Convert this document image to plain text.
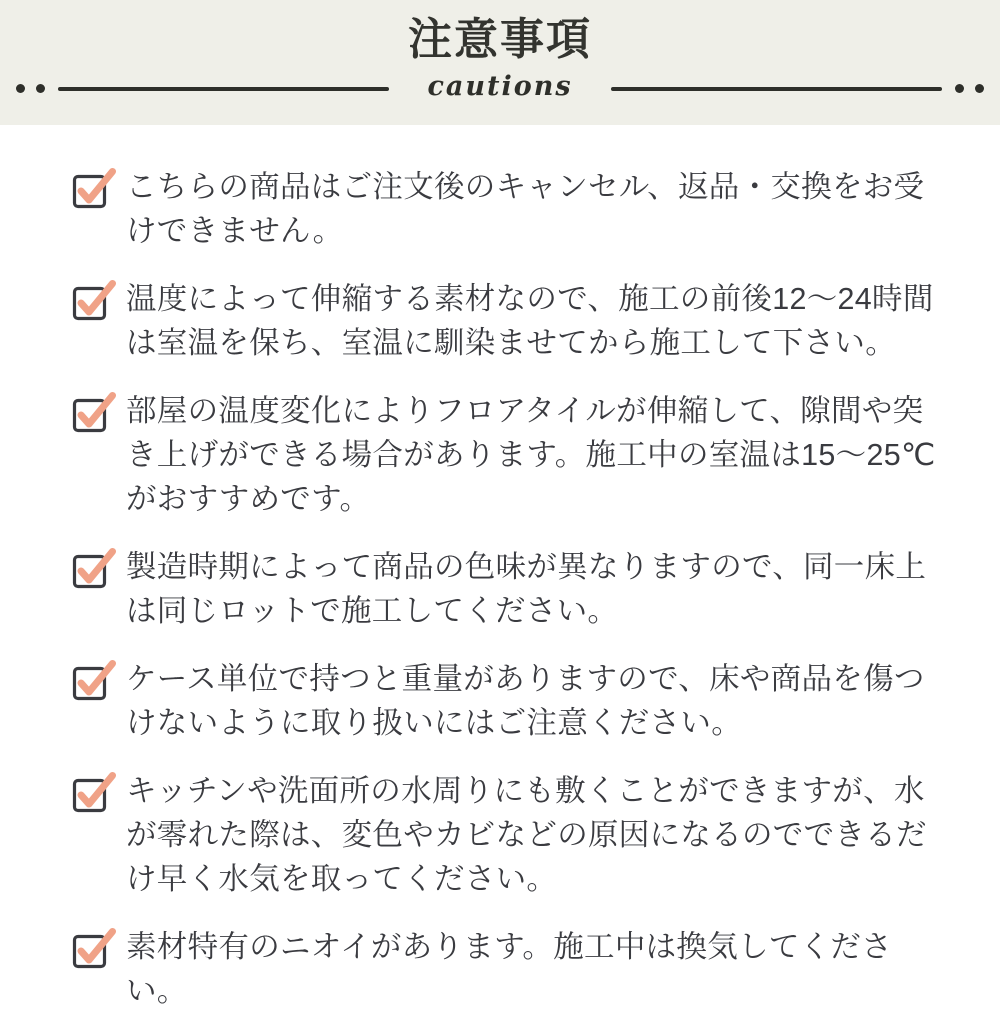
注意事項
cautions

こちらの商品はご注文後のキャンセル、返品・交換をお受けできません。

温度によって伸縮する素材なので、施工の前後12〜24時間は室温を保ち、室温に馴染ませてから施工して下さい。

部屋の温度変化によりフロアタイルが伸縮して、隙間や突き上げができる場合があります。施工中の室温は15〜25℃がおすすめです。

製造時期によって商品の色味が異なりますので、同一床上は同じロットで施工してください。

ケース単位で持つと重量がありますので、床や商品を傷つけないように取り扱いにはご注意ください。

キッチンや洗面所の水周りにも敷くことができますが、水が零れた際は、変色やカビなどの原因になるのでできるだけ早く水気を取ってください。

素材特有のニオイがあります。施工中は換気してください。
